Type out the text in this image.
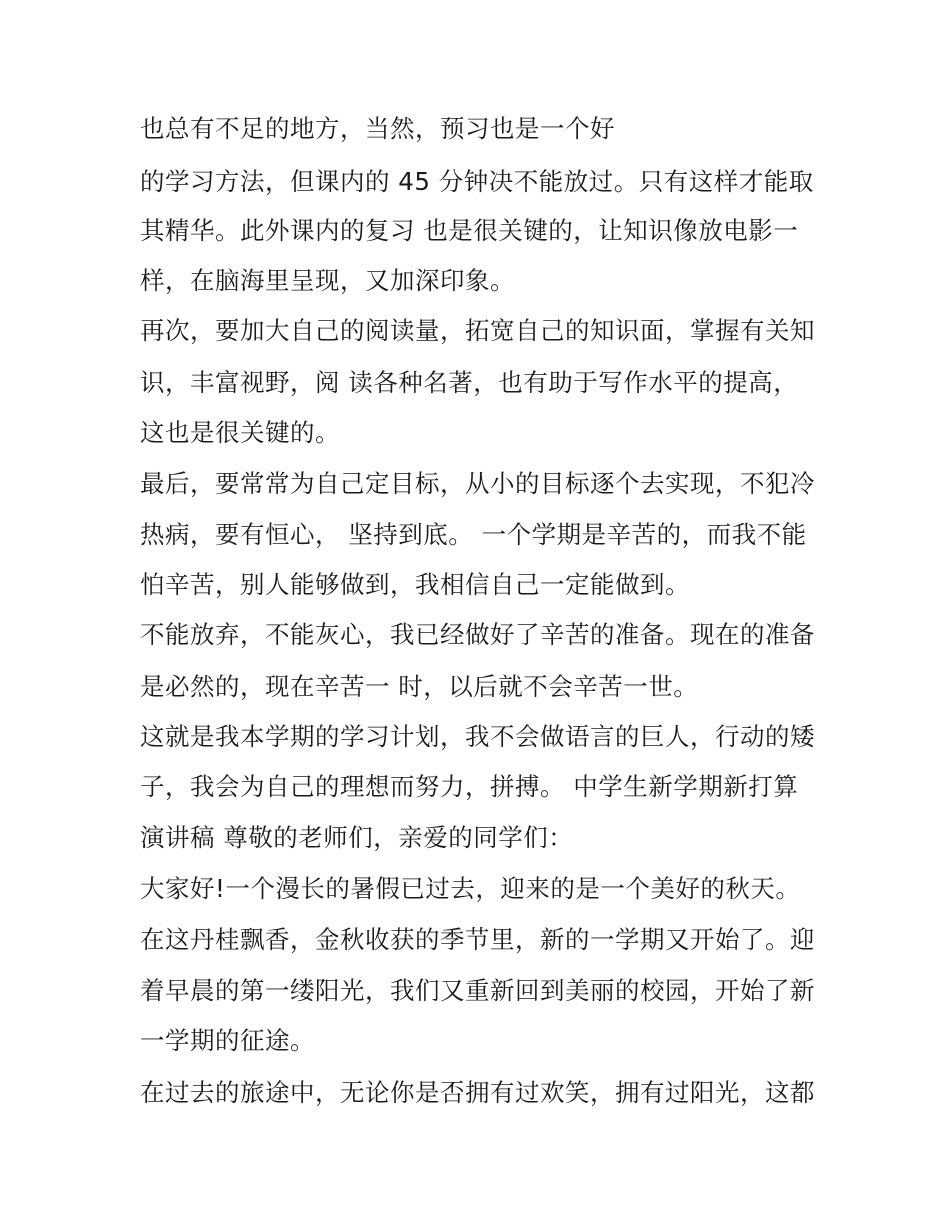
也总有不足的地方，当然，预习也是一个好
的学习方法，但课内的 45 分钟决不能放过。只有这样才能取
其精华。此外课内的复习 也是很关键的，让知识像放电影一
样，在脑海里呈现，又加深印象。
再次，要加大自己的阅读量，拓宽自己的知识面，掌握有关知
识，丰富视野，阅 读各种名著，也有助于写作水平的提高，
这也是很关键的。
最后，要常常为自己定目标，从小的目标逐个去实现，不犯冷
热病，要有恒心， 坚持到底。 一个学期是辛苦的，而我不能
怕辛苦，别人能够做到，我相信自己一定能做到。
不能放弃，不能灰心，我已经做好了辛苦的准备。现在的准备
是必然的，现在辛苦一 时，以后就不会辛苦一世。
这就是我本学期的学习计划，我不会做语言的巨人，行动的矮
子，我会为自己的理想而努力，拼搏。 中学生新学期新打算
演讲稿 尊敬的老师们，亲爱的同学们：
大家好!一个漫长的暑假已过去，迎来的是一个美好的秋天。
在这丹桂飘香，金秋收获的季节里，新的一学期又开始了。迎
着早晨的第一缕阳光，我们又重新回到美丽的校园，开始了新
一学期的征途。
在过去的旅途中，无论你是否拥有过欢笑，拥有过阳光，这都
